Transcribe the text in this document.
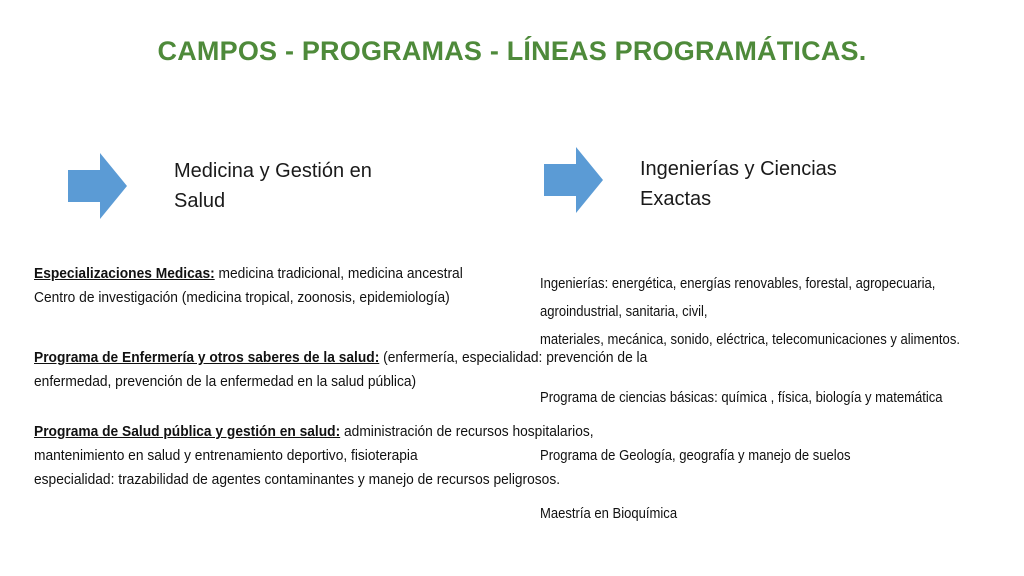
CAMPOS - PROGRAMAS - LÍNEAS PROGRAMÁTICAS.
Medicina y Gestión en
Salud
Especializaciones Medicas: medicina tradicional, medicina ancestral
Centro de investigación (medicina tropical, zoonosis, epidemiología)
Programa de Enfermería y otros saberes de la salud: (enfermería, especialidad: prevención de la
enfermedad, prevención de la enfermedad en la salud pública)
Programa de Salud pública y gestión en salud: administración de recursos hospitalarios,
mantenimiento en salud y entrenamiento deportivo, fisioterapia
especialidad: trazabilidad de agentes contaminantes y manejo de recursos peligrosos.
Ingenierías y Ciencias
Exactas
Ingenierías: energética, energías renovables, forestal, agropecuaria, agroindustrial, sanitaria, civil,
materiales, mecánica, sonido, eléctrica, telecomunicaciones y alimentos.
Programa de ciencias básicas: química , física, biología y matemática
Programa de Geología, geografía y manejo de suelos
Maestría en Bioquímica
